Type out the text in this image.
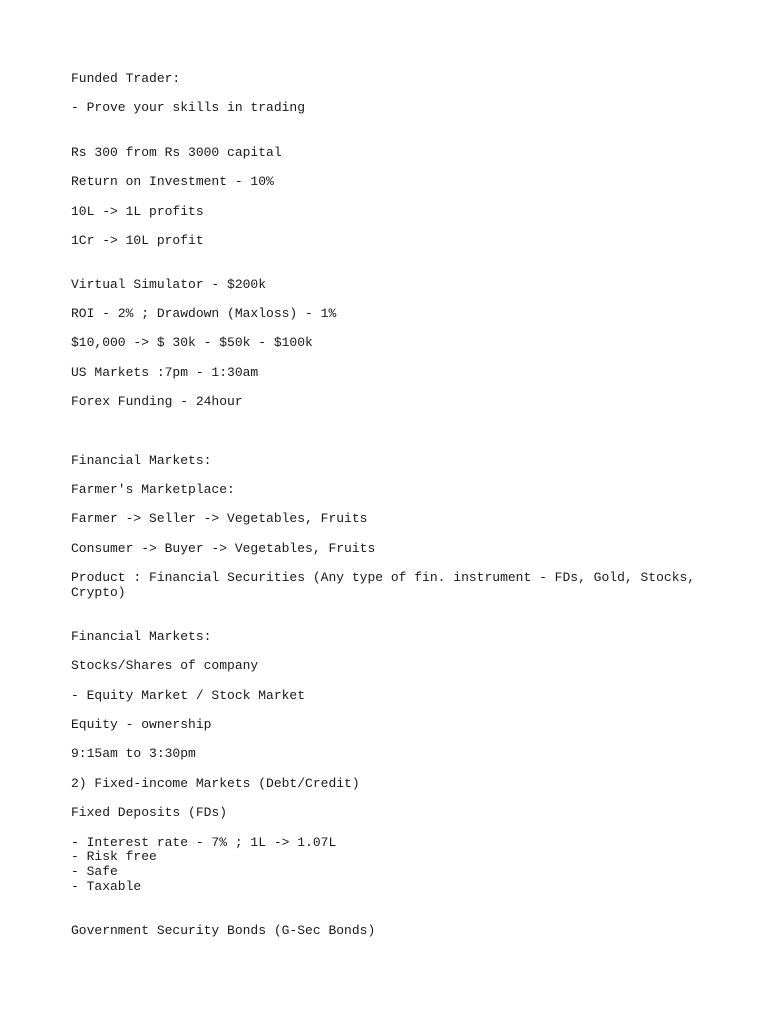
Funded Trader:
- Prove your skills in trading
Rs 300 from Rs 3000 capital
Return on Investment - 10%
10L -> 1L profits
1Cr -> 10L profit
Virtual Simulator - $200k
ROI - 2% ; Drawdown (Maxloss) - 1%
$10,000 -> $ 30k - $50k - $100k
US Markets :7pm - 1:30am
Forex Funding - 24hour
Financial Markets:
Farmer's Marketplace:
Farmer -> Seller -> Vegetables, Fruits
Consumer -> Buyer -> Vegetables, Fruits
Product : Financial Securities (Any type of fin. instrument - FDs, Gold, Stocks,
Crypto)
Financial Markets:
Stocks/Shares of company
- Equity Market / Stock Market
Equity - ownership
9:15am to 3:30pm
2) Fixed-income Markets (Debt/Credit)
Fixed Deposits (FDs)
- Interest rate - 7% ; 1L -> 1.07L
- Risk free
- Safe
- Taxable
Government Security Bonds (G-Sec Bonds)
